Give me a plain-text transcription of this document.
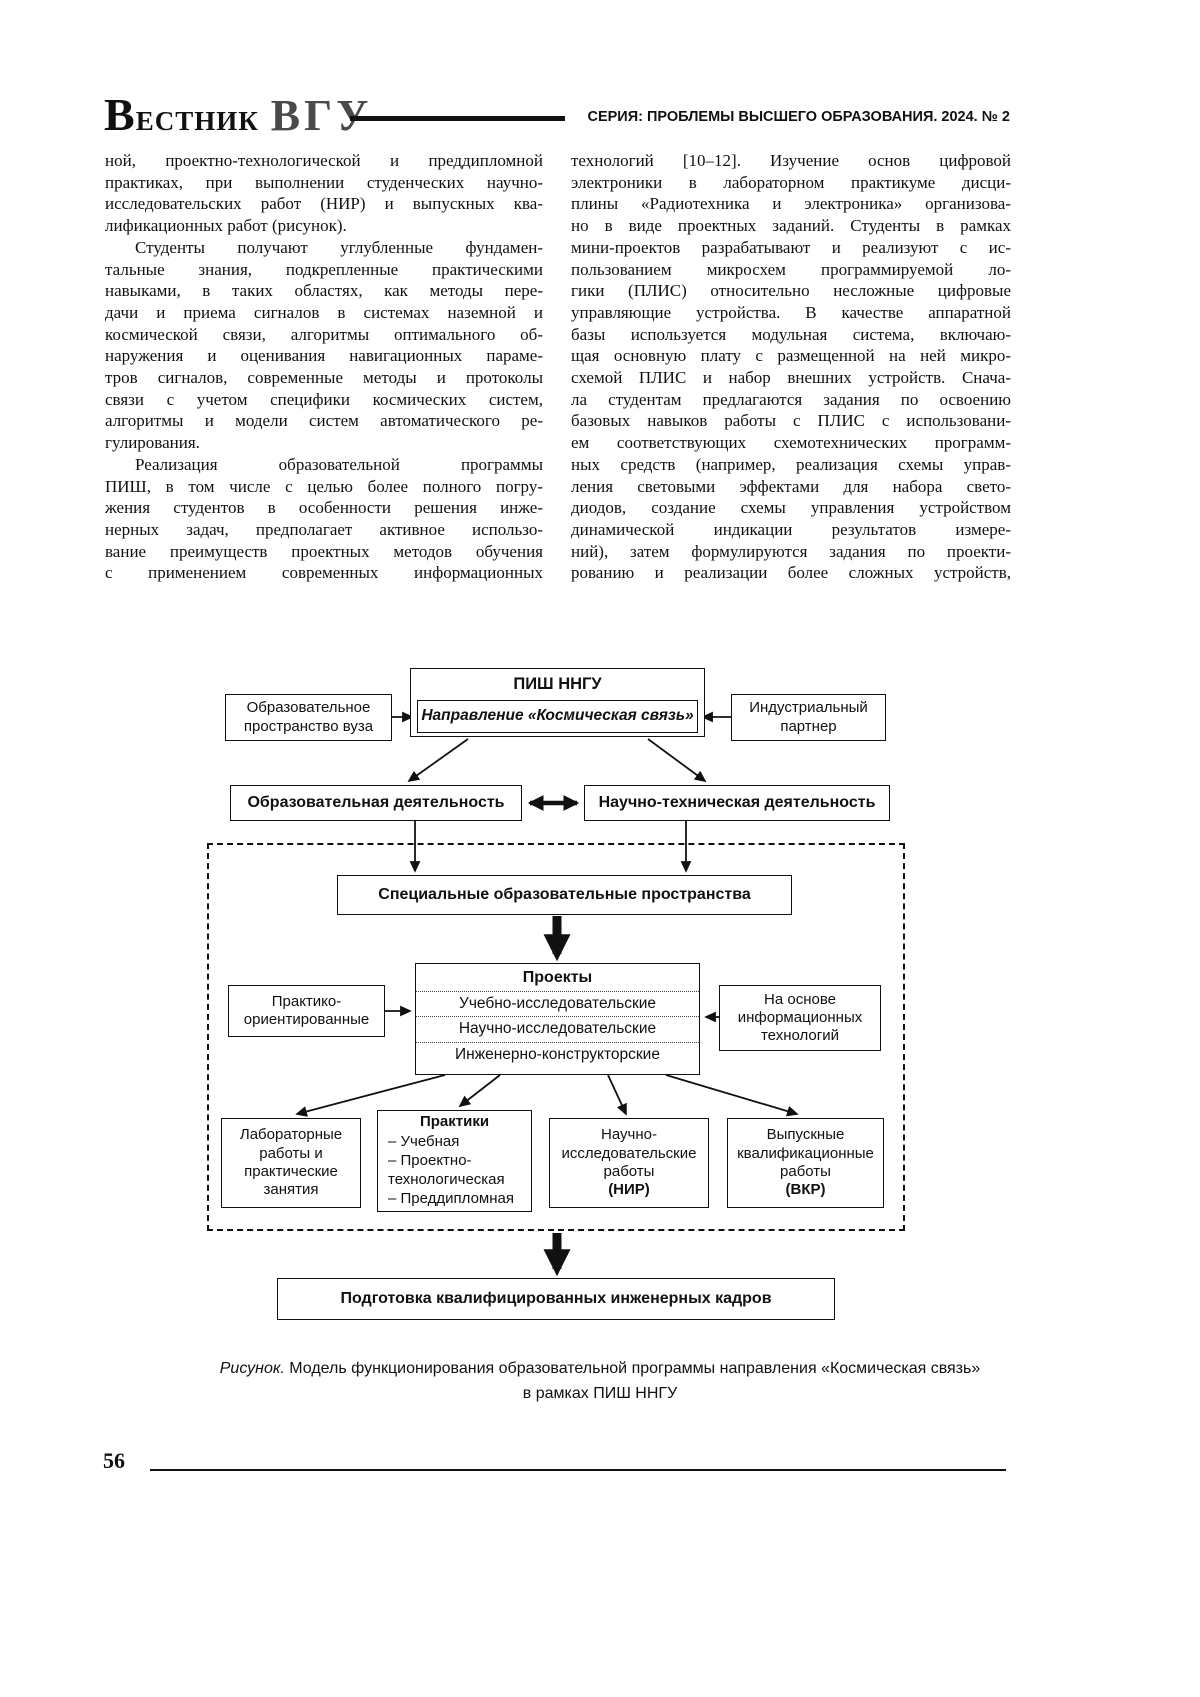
ВЕСТНИК ВГУ	СЕРИЯ: ПРОБЛЕМЫ ВЫСШЕГО ОБРАЗОВАНИЯ. 2024. № 2
ной, проектно-технологической и преддипломной
практиках, при выполнении студенческих научно-
исследовательских работ (НИР) и выпускных ква-
лификационных работ (рисунок).
Студенты получают углубленные фундамен-
тальные знания, подкрепленные практическими
навыками, в таких областях, как методы пере-
дачи и приема сигналов в системах наземной и
космической связи, алгоритмы оптимального об-
наружения и оценивания навигационных параме-
тров сигналов, современные методы и протоколы
связи с учетом специфики космических систем,
алгоритмы и модели систем автоматического ре-
гулирования.
Реализация образовательной программы
ПИШ, в том числе с целью более полного погру-
жения студентов в особенности решения инже-
нерных задач, предполагает активное использо-
вание преимуществ проектных методов обучения
с применением современных информационных
технологий [10–12]. Изучение основ цифровой
электроники в лабораторном практикуме дисци-
плины «Радиотехника и электроника» организова-
но в виде проектных заданий. Студенты в рамках
мини-проектов разрабатывают и реализуют с ис-
пользованием микросхем программируемой ло-
гики (ПЛИС) относительно несложные цифровые
управляющие устройства. В качестве аппаратной
базы используется модульная система, включаю-
щая основную плату с размещенной на ней микро-
схемой ПЛИС и набор внешних устройств. Снача-
ла студентам предлагаются задания по освоению
базовых навыков работы с ПЛИС с использовани-
ем соответствующих схемотехнических программ-
ных средств (например, реализация схемы управ-
ления световыми эффектами для набора свето-
диодов, создание схемы управления устройством
динамической индикации результатов измере-
ний), затем формулируются задания по проекти-
рованию и реализации более сложных устройств,
ПИШ ННГУ
Направление «Космическая связь»
Образовательное
пространство вуза
Индустриальный
партнер
Образовательная деятельность	Научно-техническая деятельность
Специальные образовательные пространства
Проекты
Учебно-исследовательские
Научно-исследовательские
Инженерно-конструкторские
Практико-
ориентированные
На основе
информационных
технологий
Лабораторные
работы и
практические
занятия
Практики
– Учебная
– Проектно-
технологическая
– Преддипломная
Научно-
исследовательские
работы
(НИР)
Выпускные
квалификационные
работы
(ВКР)
Подготовка квалифицированных инженерных кадров
Рисунок. Модель функционирования образовательной программы направления «Космическая связь»
в рамках ПИШ ННГУ
56
